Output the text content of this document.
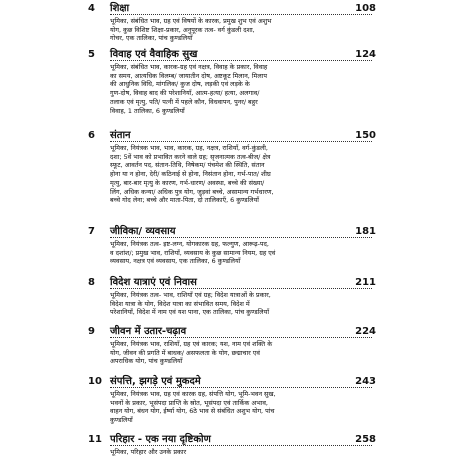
4 शिक्षा	108
भूमिका, संबंधित भाव, ग्रह एवं विषयों के कारक, प्रमुख शुभ एवं अशुभ
योग, कुछ विशिष्ट शिक्षा-प्रकार, अनुपूरक तत्व- वर्ग कुंडली दशा,
गोचर, एक तालिका, पांच कुण्डलियाँ
5 विवाह एवं वैवाहिक सुख	124
भूमिका, संबंधित भाव, कारक-ग्रह एवं नक्षत्र, विवाह के प्रकार, विवाह
का समय, आत्यधिक विलम्ब/ जायातीन दोष, अष्टकूट मिलान, मिलाप
की आधुनिक विधि, मांगलिक/ कुज दोष, लड़की एवं लड़के के
गुण-दोष, विवाह बाद की परेशानियाँ, आत्म-हत्या/ हत्या, अलगाव/
तलाक एवं मृत्यु, पति/ पत्नी में पहले कौन, विधवापन, पुनर/ बहुर
विवाह, 1 तालिका, 6 कुण्डलियाँ
6 संतान	150
भूमिका, नियंत्रक भाव, भाव, कारक, ग्रह, नक्षत्र, राशियाँ, वर्ग-कुंडली,
दशा; 5वें भाव को प्रभावित करने वाले ग्रह; सृजनात्मक तत्व-बीज/ क्षेत्र
स्फूट, आवर्तन पद, संतान-तिथि, निषेकम/ पंचमेश की स्थिति, संतान
होना या न होना, देरी/ कठिनाई से होना, निसंतान होना, गर्भ-पात/ शीघ्र
मृत्यु, बार-बार मृत्यु के कारण, गर्भ-धारण/ अवस्था, बच्चे की संख्या/
लिंग, अधिक कन्या/ अधिक पुत्र योग, जुड़वां बच्चे, असामान्य गर्भधारण,
बच्चे गोद लेना; बच्चे और माता-पिता, दो तालिकाएँ, 6 कुण्डलियाँ
7 जीविका/ व्यवसाय	181
भूमिका, नियंत्रक तत्व- इष्ट-लग्न, योगकारक ग्रह, फल्गुण, आरूढ़-पद,
व दशांश/; प्रमुख भाव, राशियाँ, व्यवसाय के कुछ सामान्य नियम, ग्रह एवं
व्यवसाय, नक्षत्र एवं व्यवसाय, एक तालिका, 6 कुण्डलियाँ
8 विदेश यात्राएं एवं निवास	211
भूमिका, नियंत्रक तत्व- भाव, राशियाँ एवं ग्रह; विदेश यात्राओं के प्रकार,
विदेश यात्रा के योग, विदेश यात्रा का संभावित समय, विदेश में
परेशानियाँ, विदेश में नाम एवं यश पाना, एक तालिका, पांच कुण्डलियाँ
9 जीवन में उतार-चढ़ाव	224
भूमिका, नियंत्रक भाव, राशियाँ, ग्रह एवं कारक; यश, नाम एवं शक्ति के
योग, जीवन की प्रगति में बाधक/ असफलता के योग, छद्माचार एवं
अपराधिक योग, पांच कुण्डलियाँ
10 संपत्ति, झगड़े एवं मुकदमे	243
भूमिका, नियंत्रक भाव, ग्रह एवं कारक ग्रह, संपत्ति योग, भूमि-भवन सुख,
भवनों के प्रकार, भूसंपदा प्राप्ति के स्रोत, भूसंपदा एवं तार्किक अभाव,
वाहन योग, बंधन योग, ईर्ष्या योग, 6ठे भाव से संबंधित अशुभ योग, पांच
कुण्डलियाँ
11 परिहार - एक नया दृष्टिकोण	258
भूमिका, परिहार और उनके प्रकार
